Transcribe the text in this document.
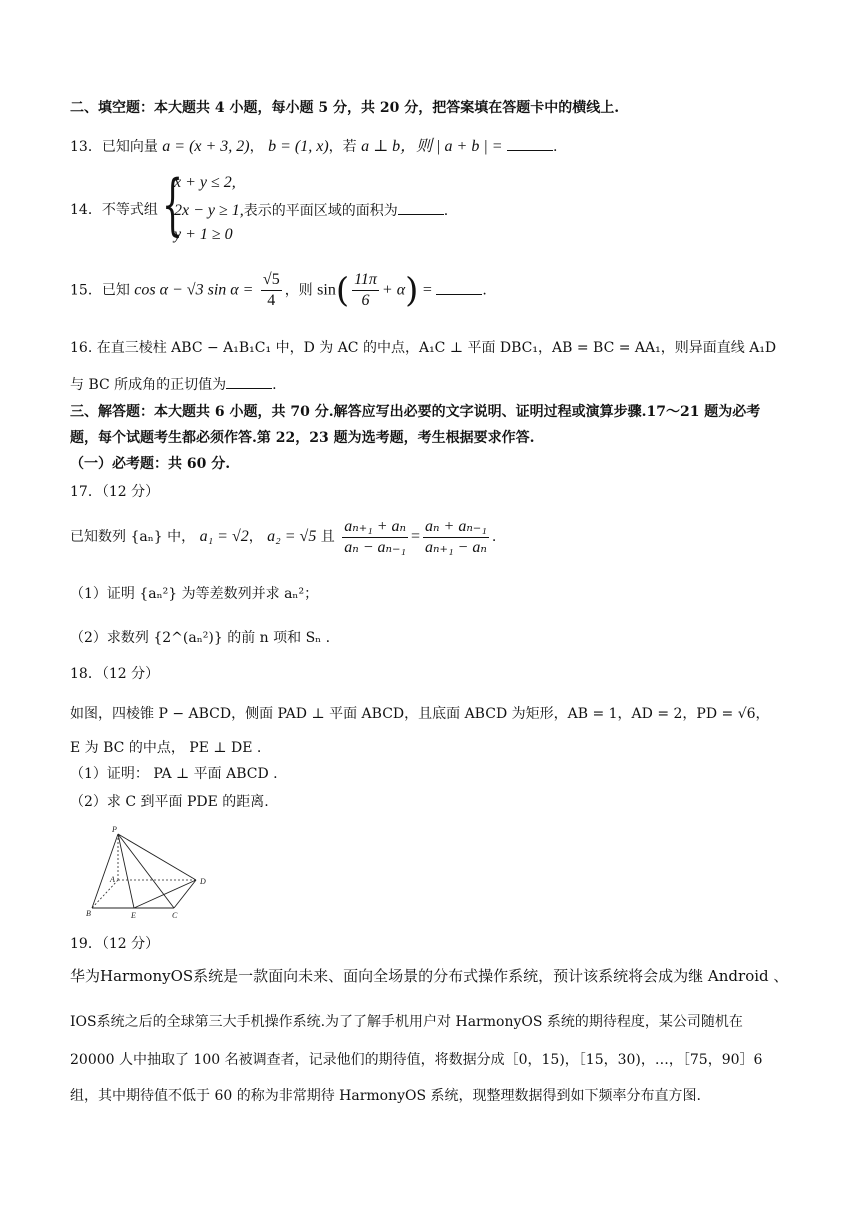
二、填空题：本大题共 4 小题，每小题 5 分，共 20 分，把答案填在答题卡中的横线上.
13．已知向量 a = (x + 3, 2)， b = (1, x)，若 a ⊥ b，则 | a + b | =	.
14．不等式组 {
x + y ≤ 2,
2x − y ≥ 1,表示的平面区域的面积为	.
y + 1 ≥ 0
15．已知 cos α − √3 $\sin \alpha = \frac{√5}{4}$ ，则 $\sin( \frac{11\pi}{6} + \alpha)$ =	.
16. 在直三棱柱 ABC − A₁B₁C₁ 中，D 为 AC 的中点，A₁C ⊥ 平面 DBC₁，AB = BC = AA₁，则异面直线 A₁D
与 BC 所成角的正切值为	.
三、解答题：本大题共 6 小题，共 70 分.解答应写出必要的文字说明、证明过程或演算步骤.17～21 题为必考
题，每个试题考生都必须作答.第 22，23 题为选考题，考生根据要求作答.
（一）必考题：共 60 分.
17．（12 分）
已知数列 {aₙ} 中， a₁ = √2， a₂ = √5 且 $\frac{\text{aₙ₊₁ + aₙ}}{\text{aₙ − aₙ₋₁}} = \frac{\text{aₙ + aₙ₋₁}}{\text{aₙ₊₁ − aₙ}}$ .
（1）证明 {aₙ²} 为等差数列并求 aₙ²；
（2）求数列 {2^(aₙ²)} 的前 n 项和 Sₙ .
18．（12 分）
如图，四棱锥 P − ABCD，侧面 PAD ⊥ 平面 ABCD，且底面 ABCD 为矩形，AB = 1，AD = 2，PD = √6，
E 为 BC 的中点， PE ⊥ DE .
（1）证明： PA ⊥ 平面 ABCD .
（2）求 C 到平面 PDE 的距离.
P
A	D
B	E	C
19．（12 分）
华为HarmonyOS系统是一款面向未来、面向全场景的分布式操作系统，预计该系统将会成为继 Android 、
IOS系统之后的全球第三大手机操作系统.为了了解手机用户对 HarmonyOS 系统的期待程度，某公司随机在
20000 人中抽取了 100 名被调查者，记录他们的期待值，将数据分成［0，15)，［15，30)，…，［75，90］6
组，其中期待值不低于 60 的称为非常期待 HarmonyOS 系统，现整理数据得到如下频率分布直方图.
